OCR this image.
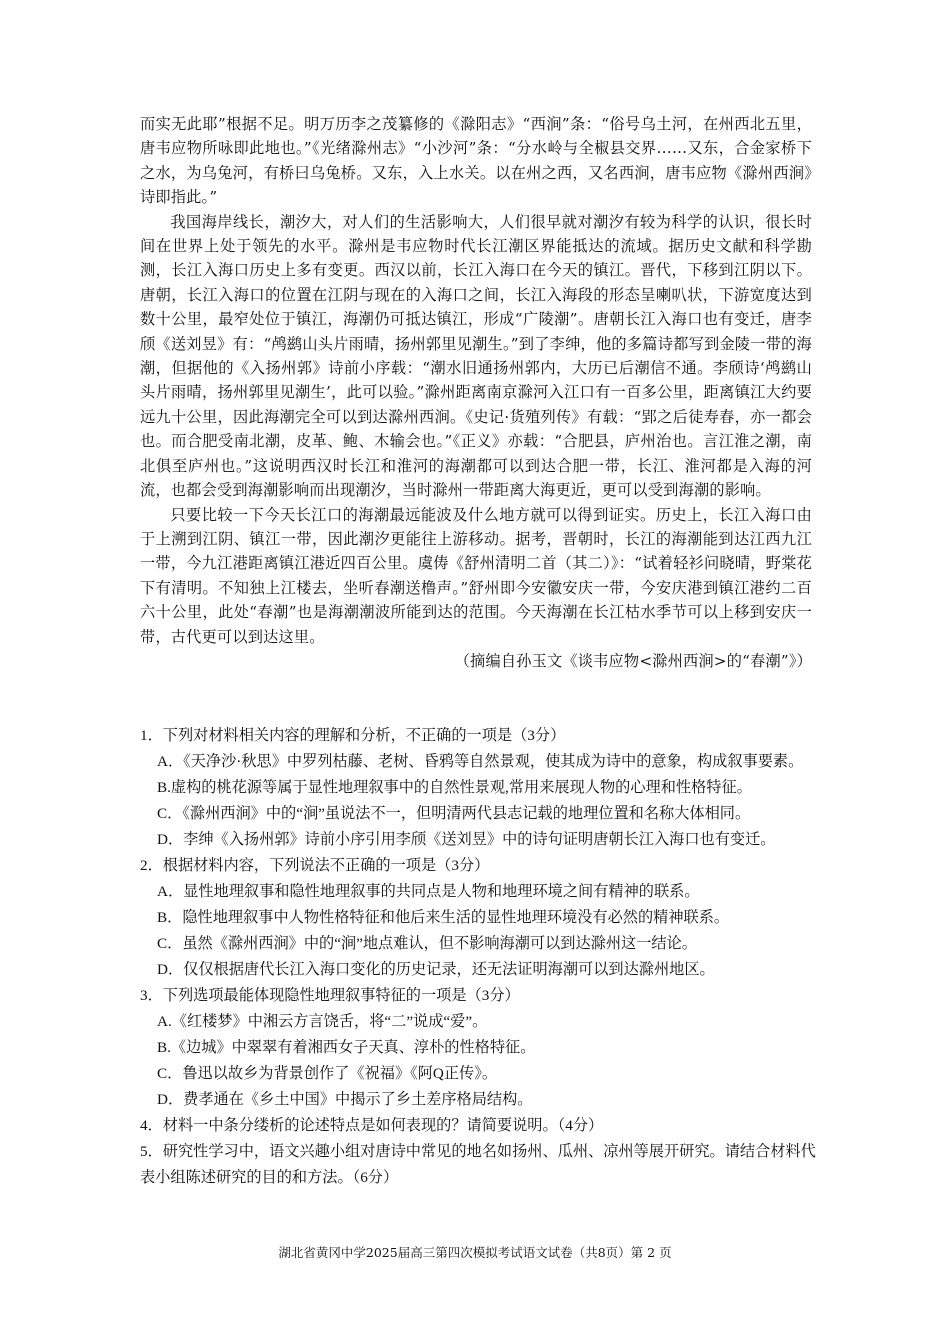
而实无此耶”根据不足。明万历李之茂纂修的《滁阳志》“西涧”条：“俗号乌土河，在州西北五里，唐韦应物所咏即此地也。”《光绪滁州志》“小沙河”条：“分水岭与全椒县交界……又东，合金家桥下之水，为乌兔河，有桥曰乌兔桥。又东，入上水关。以在州之西，又名西涧，唐韦应物《滁州西涧》诗即指此。”

我国海岸线长，潮汐大，对人们的生活影响大，人们很早就对潮汐有较为科学的认识，很长时间在世界上处于领先的水平。滁州是韦应物时代长江潮区界能抵达的流域。据历史文献和科学勘测，长江入海口历史上多有变更。西汉以前，长江入海口在今天的镇江。晋代，下移到江阴以下。唐朝，长江入海口的位置在江阴与现在的入海口之间，长江入海段的形态呈喇叭状，下游宽度达到数十公里，最窄处位于镇江，海潮仍可抵达镇江，形成“广陵潮”。唐朝长江入海口也有变迁，唐李颀《送刘昱》有：“鸬鹚山头片雨晴，扬州郭里见潮生。”到了李绅，他的多篇诗都写到金陵一带的海潮，但据他的《入扬州郭》诗前小序载：“潮水旧通扬州郭内，大历已后潮信不通。李颀诗‘鸬鹚山头片雨晴，扬州郭里见潮生’，此可以验。”滁州距离南京滁河入江口有一百多公里，距离镇江大约要远九十公里，因此海潮完全可以到达滁州西涧。《史记·货殖列传》有载：“郢之后徒寿春，亦一都会也。而合肥受南北潮，皮革、鲍、木输会也。”《正义》亦载：“合肥县，庐州治也。言江淮之潮，南北俱至庐州也。”这说明西汉时长江和淮河的海潮都可以到达合肥一带，长江、淮河都是入海的河流，也都会受到海潮影响而出现潮汐，当时滁州一带距离大海更近，更可以受到海潮的影响。

只要比较一下今天长江口的海潮最远能波及什么地方就可以得到证实。历史上，长江入海口由于上溯到江阴、镇江一带，因此潮汐更能往上游移动。据考，晋朝时，长江的海潮能到达江西九江一带，今九江港距离镇江港近四百公里。虞俦《舒州清明二首（其二）》：“试着轻衫问晓晴，野棠花下有清明。不知独上江楼去，坐听春潮送橹声。”舒州即今安徽安庆一带，今安庆港到镇江港约二百六十公里，此处“春潮”也是海潮潮波所能到达的范围。今天海潮在长江枯水季节可以上移到安庆一带，古代更可以到达这里。

（摘编自孙玉文《谈韦应物<滁州西涧>的“春潮”》）

1．下列对材料相关内容的理解和分析，不正确的一项是（3分）

A．《天净沙·秋思》中罗列枯藤、老树、昏鸦等自然景观，使其成为诗中的意象，构成叙事要素。

B.虚构的桃花源等属于显性地理叙事中的自然性景观,常用来展现人物的心理和性格特征。

C．《滁州西涧》中的“涧”虽说法不一，但明清两代县志记载的地理位置和名称大体相同。

D．李绅《入扬州郭》诗前小序引用李颀《送刘昱》中的诗句证明唐朝长江入海口也有变迁。

2．根据材料内容，下列说法不正确的一项是（3分）

A．显性地理叙事和隐性地理叙事的共同点是人物和地理环境之间有精神的联系。

B．隐性地理叙事中人物性格特征和他后来生活的显性地理环境没有必然的精神联系。

C．虽然《滁州西涧》中的“涧”地点难认，但不影响海潮可以到达滁州这一结论。

D．仅仅根据唐代长江入海口变化的历史记录，还无法证明海潮可以到达滁州地区。

3．下列选项最能体现隐性地理叙事特征的一项是（3分）

A.《红楼梦》中湘云方言饶舌，将“二”说成“爱”。

B.《边城》中翠翠有着湘西女子天真、淳朴的性格特征。

C．鲁迅以故乡为背景创作了《祝福》《阿Q正传》。

D．费孝通在《乡土中国》中揭示了乡土差序格局结构。

4．材料一中条分缕析的论述特点是如何表现的？请简要说明。（4分）

5．研究性学习中，语文兴趣小组对唐诗中常见的地名如扬州、瓜州、凉州等展开研究。请结合材料代表小组陈述研究的目的和方法。（6分）

湖北省黄冈中学2025届高三第四次模拟考试语文试卷（共8页）第 2 页
